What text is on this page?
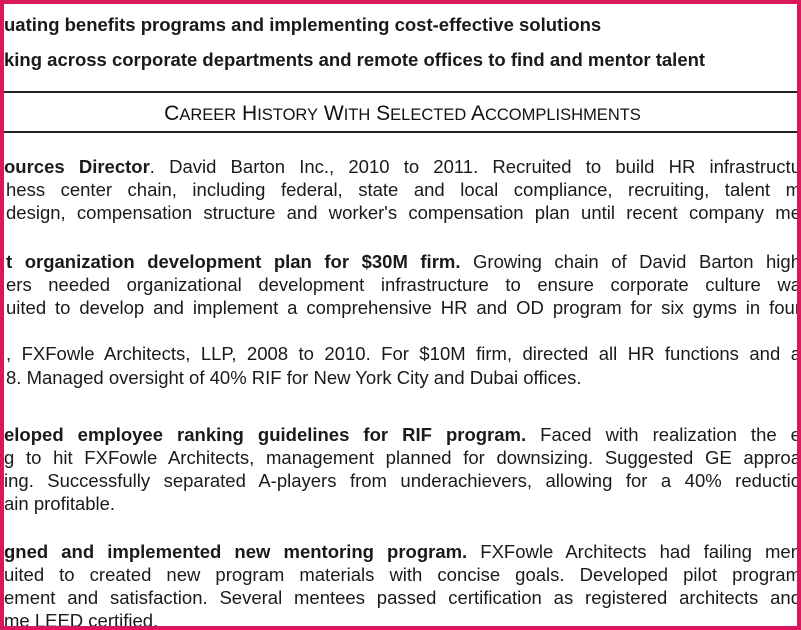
uating benefits programs and implementing cost-effective solutions
king across corporate departments and remote offices to find and mentor talent
CAREER HISTORY WITH SELECTED ACCOMPLISHMENTS
ources Director. David Barton Inc., 2010 to 2011. Recruited to build HR infrastructu
hess center chain, including federal, state and local compliance, recruiting, talent m
design, compensation structure and worker's compensation plan until recent company me
t organization development plan for $30M firm. Growing chain of David Barton high
ers needed organizational development infrastructure to ensure corporate culture wa
uited to develop and implement a comprehensive HR and OD program for six gyms in four
, FXFowle Architects, LLP, 2008 to 2010. For $10M firm, directed all HR functions and a
8. Managed oversight of 40% RIF for New York City and Dubai offices.
eloped employee ranking guidelines for RIF program. Faced with realization the e
g to hit FXFowle Architects, management planned for downsizing. Suggested GE approa
ing. Successfully separated A-players from underachievers, allowing for a 40% reductio
ain profitable.
gned and implemented new mentoring program. FXFowle Architects had failing men
uited to created new program materials with concise goals. Developed pilot program
ement and satisfaction. Several mentees passed certification as registered architects and
me LEED certified.
